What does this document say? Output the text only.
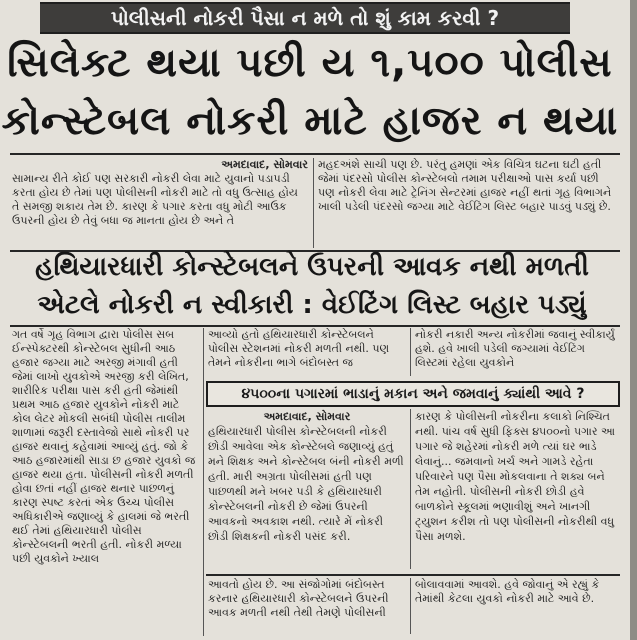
પોલીસની નોકરી પૈસા ન મળે તો શું કામ કરવી ?
સિલેક્ટ થયા પછી ય ૧,૫૦૦ પોલીસ
કોન્સ્ટેબલ નોકરી માટે હાજર ન થયા

અમદાવાદ, સોમવાર

સામાન્ય રીતે કોઈ પણ સરકારી નોકરી લેવા માટે યુવાનો પડાપડી કરતા હોય છે તેમાં પણ પોલીસની નોકરી માટે તો વધુ ઉત્સાહ હોય તે સમજી શકાય તેમ છે. કારણ કે પગાર કરતા વધુ મોટી આઉક ઉપરની હોય છે તેવું બધા જ માનતા હોય છે અને તે

મહદઅંશે સાચી પણ છે. પરંતુ હમણાં એક વિચિત્ર ઘટના ઘટી હતી જેમાં પંદરસો પોલીસ કોન્સ્ટેબલો તમામ પરીક્ષાઓ પાસ કર્યા પછી પણ નોકરી લેવા માટે ટ્રેનિંગ સેન્ટરમાં હાજર નહીં થતાં ગૃહ વિભાગને ખાલી પડેલી પંદરસો જગ્યા માટે વેઈટિંગ લિસ્ટ બહાર પાડવું પડ્યું છે.

હથિયારધારી કોન્સ્ટેબલને ઉપરની આવક નથી મળતી
એટલે નોકરી ન સ્વીકારી : વેઈટિંગ લિસ્ટ બહાર પડ્યું

ગત વર્ષે ગૃહ વિભાગ દ્વારા પોલીસ સબ ઈન્સ્પેક્ટરથી કોન્સ્ટેબલ સુધીની આઠ હજાર જગ્યા માટે અરજી મંગાવી હતી જેમાં લાખો યુવકોએ અરજી કરી લેખિત, શારીરિક પરીક્ષા પાસ કરી હતી જેમાંથી પ્રથમ આઠ હજાર યુવકોને નોકરી માટે કોલ લેટર મોકલી સબંધી પોલીસ તાલીમ શાળામાં જરૂરી દસ્તાવેજો સાથે નોકરી પર હાજર થવાનું કહેવામાં આવ્યું હતું. જો કે આઠ હજારમાંથી સાડા છ હજાર યુવકો જ હાજર થયા હતા. પોલીસની નોકરી મળતી હોવા છતાં નહીં હાજર થનાર પાછળનું કારણ સ્પષ્ટ કરતાં એક ઉચ્ચ પોલીસ અધિકારીએ જણાવ્યું કે હાલમાં જે ભરતી થઈ તેમાં હથિયારધારી પોલીસ કોન્સ્ટેબલની ભરતી હતી. નોકરી મળ્યા પછી યુવકોને ખ્યાલ

આવ્યો હતો હથિયારધારી કોન્સ્ટેબલને પોલીસ સ્ટેશનમાં નોકરી મળતી નથી. પણ તેમને નોકરીના ભાગે બંદોબસ્ત જ

નોકરી નકારી અન્ય નોકરીમાં જવાનું સ્વીકાર્યું હશે. હવે ખાલી પડેલી જગ્યામાં વેઈટિંગ લિસ્ટમાં રહેલા યુવકોને

૪૫૦૦ના પગારમાં ભાડાનું મકાન અને જમવાનું ક્યાંથી આવે ?

અમદાવાદ, સોમવાર

હથિયારધારી પોલીસ કોન્સ્ટેબલની નોકરી છોડી આવેલા એક કોન્સ્ટેબલે જણાવ્યું હતું મને શિક્ષક અને કોન્સ્ટેબલ બંની નોકરી મળી હતી. મારી અગ્રતા પોલીસમાં હતી પણ પાછળથી મને ખબર પડી કે હથિયારધારી કોન્સ્ટેબલની નોકરી છે જેમાં ઉપરની આવકનો અવકાશ નથી. ત્યારે મેં નોકરી છોડી શિક્ષકની નોકરી પસંદ કરી.

કારણ કે પોલીસની નોકરીના કલાકો નિશ્ચિત નથી. પાંચ વર્ષ સુધી ફિક્સ ૪૫૦૦નો પગાર આ પગાર જે શહેરમાં નોકરી મળે ત્યાં ઘર ભાડે લેવાનું... જમવાનો ખર્ચ અને ગામડે રહેતા પરિવારને પણ પૈસા મોકલવાના તે શક્ય બને તેમ નહોતી. પોલીસની નોકરી છોડી હવે બાળકોને સ્કૂલમાં ભણાવીશું અને ખાનગી ટ્યુશન કરીશ તો પણ પોલીસની નોકરીથી વધુ પૈસા મળશે.

આવતો હોય છે. આ સંજોગોમાં બંદોબસ્ત કરનાર હથિયારધારી કોન્સ્ટેબલને ઉપરની આવક મળતી નથી તેથી તેમણે પોલીસની

બોલાવવામાં આવશે. હવે જોવાનું એ રહ્યું કે તેમાંથી કેટલા યુવકો નોકરી માટે આવે છે.
